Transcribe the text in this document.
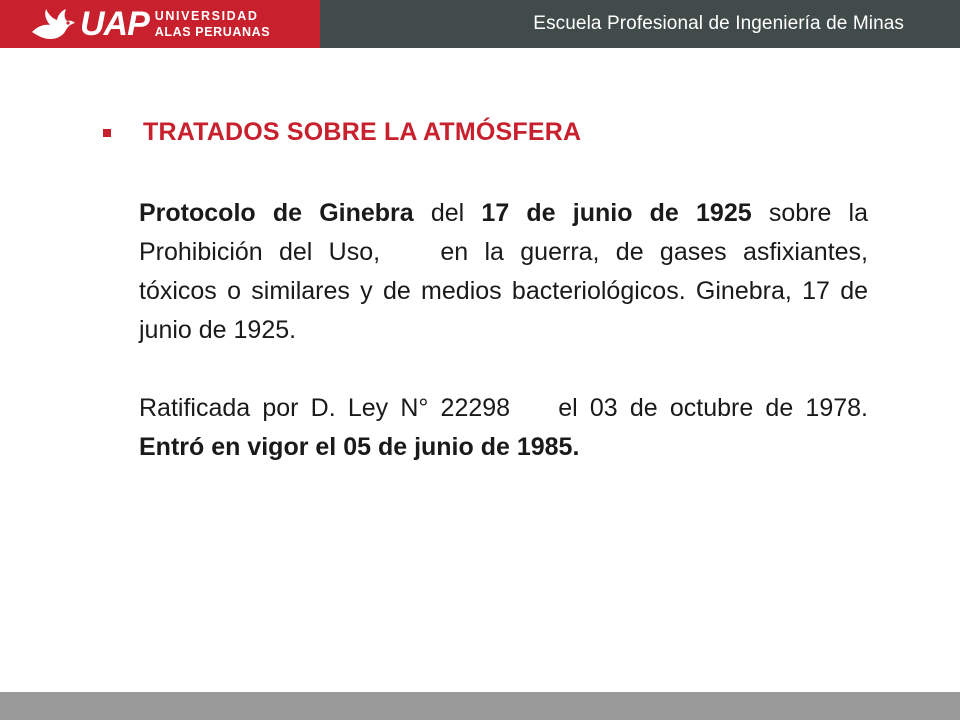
UAP UNIVERSIDAD
ALAS PERUANAS	Escuela Profesional de Ingeniería de Minas
TRATADOS SOBRE LA ATMÓSFERA

Protocolo de Ginebra del 17 de junio de 1925 sobre la Prohibición del Uso, en la guerra, de gases asfixiantes, tóxicos o similares y de medios bacteriológicos. Ginebra, 17 de junio de 1925.

Ratificada por D. Ley N° 22298 el 03 de octubre de 1978. Entró en vigor el 05 de junio de 1985.
